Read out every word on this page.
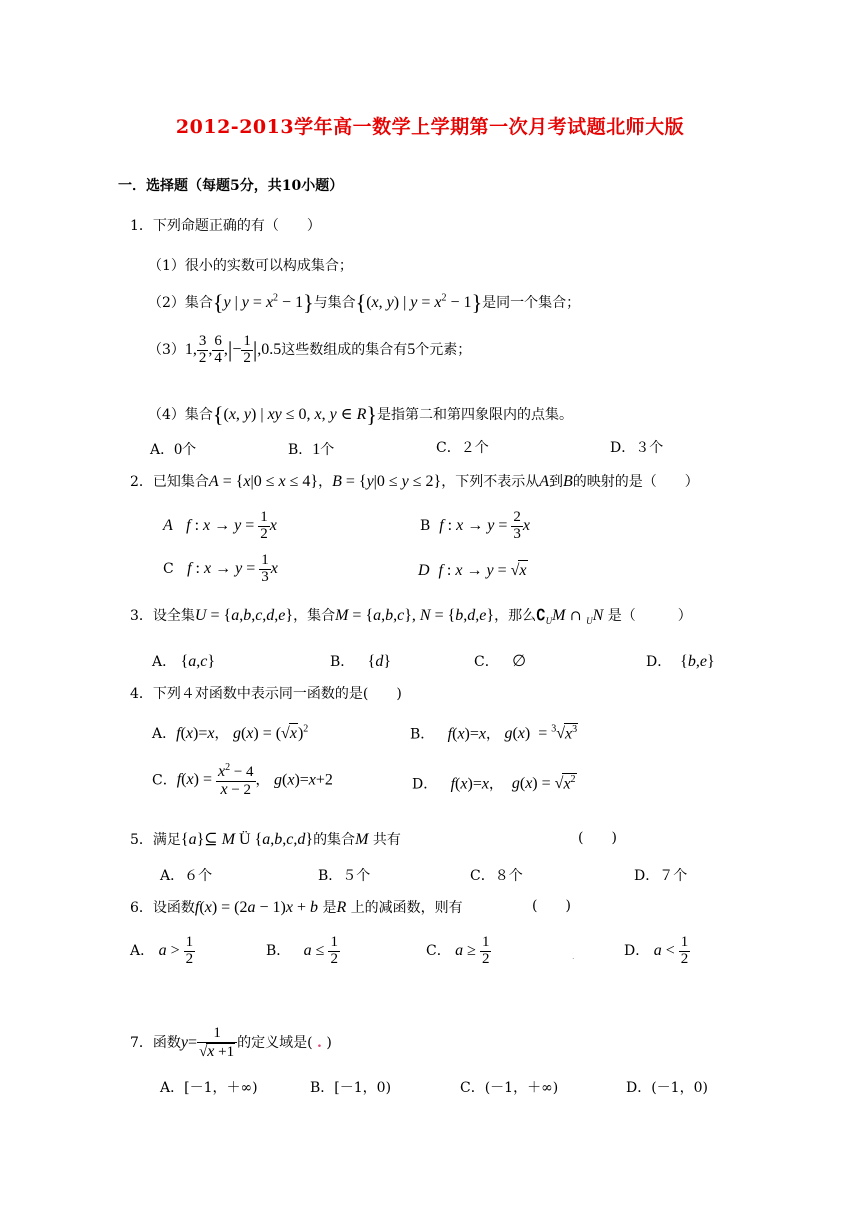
2012-2013学年高一数学上学期第一次月考试题北师大版
一．选择题（每题5分，共10小题）
1．下列命题正确的有（　　）
（1）很小的实数可以构成集合；
（2）集合{y | $y = x^2 - 1$}与集合{(x, y) | $y = x^2 - 1$}是同一个集合；
（3）1, $\frac{3}{2}$ , $\frac{6}{4}$ ,|− $\frac{1}{2} |,0.5$这些数组成的集合有5个元素；
（4）集合{(x, y) | xy ≤ 0, x, y ∈ R}是指第二和第四象限内的点集。
A．0个	B．1个	C．２个	D．３个
2．已知集合A = {x|0 ≤ x ≤ 4}，B = {y|0 ≤ y ≤ 2}，下列不表示从A到B的映射的是（　　）
A f : $x \to y = \frac{1}{2}$ x	B f : $x \to y = \frac{2}{3}$ x
C f : $x \to y = \frac{1}{3}$ x	D f : x → y = √x
3．设全集U = {a,b,c,d,e}，集合M = {a,b,c}, N = {b,d,e}，那么$∁_UM$ ∩ $_U$N 是（　　　）
A． {a,c}	B． {d}	C． ∅	D． {b,e}
4．下列４对函数中表示同一函数的是(　　)
A．f(x)=x， $g(x) = (√x)^2$	B． f(x)=x， $g(x) = ^3√x^3$
C．$f(x) = \frac{x^2 - 4}{x - 2}$ ， g(x)=x+2	D． f(x)=x，  $g(x) = √x^2$
5．满足{a}⊆ M Ü {a,b,c,d}的集合M 共有	(　　)
A．６个	B．５个	C．８个	D．７个
6．设函数f(x) = (2a − 1)x + b 是R 上的减函数，则有	(　　)
A． $a > \frac{1}{2}$	B． $a \le \frac{1}{2}$	C． $a \ge \frac{1}{2}$	.	D． $a < \frac{1}{2}$
7．函数$y= \frac{1}{√x +1}$ 的定义域是( . )
A．[－1，＋∞)	B．[－1，0)	C．(－1，＋∞)	D．(－1，0)
